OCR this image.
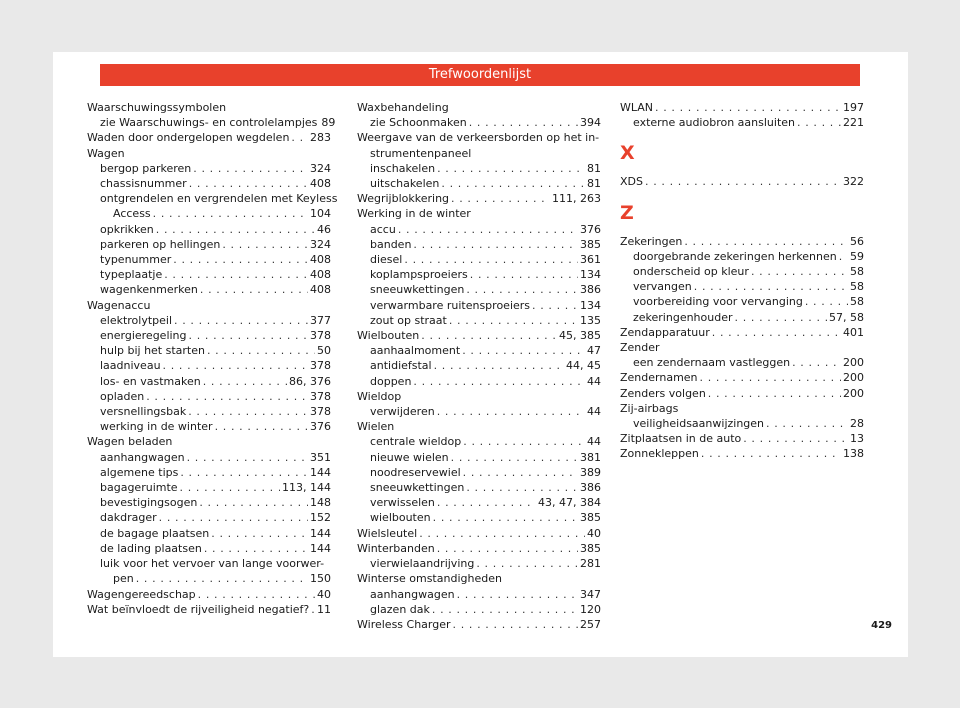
Trefwoordenlijst
Waarschuwingssymbolen
zie Waarschuwings- en controlelampjes 89
Waden door ondergelopen wegdelen . . . 283
Wagen
bergop parkeren . . .	324
chassisnummer . . .	408
ontgrendelen en vergrendelen met Keyless
Access . . .	104
opkrikken . . .	46
parkeren op hellingen . . .	324
typenummer . . .	408
typeplaatje . . .	408
wagenkenmerken . . .	408
Wagenaccu
elektrolytpeil . . .	377
energieregeling . . .	378
hulp bij het starten . . .	50
laadniveau . . .	378
los- en vastmaken . . .	86, 376
opladen . . .	378
versnellingsbak . . .	378
werking in de winter . . .	376
Wagen beladen
aanhangwagen . . .	351
algemene tips . . .	144
bagageruimte . . .	113, 144
bevestigingsogen . . .	148
dakdrager . . .	152
de bagage plaatsen . . .	144
de lading plaatsen . . .	144
luik voor het vervoer van lange voorwer-
pen . . .	150
Wagengereedschap . . .	40
Wat beïnvloedt de rijveiligheid negatief? . . . 11
Waxbehandeling
zie Schoonmaken . . .	394
Weergave van de verkeersborden op het in-
strumentenpaneel
inschakelen . . .	81
uitschakelen . . .	81
Wegrijblokkering . . .	111, 263
Werking in de winter
accu . . .	376
banden . . .	385
diesel . . .	361
koplampsproeiers . . .	134
sneeuwkettingen . . .	386
verwarmbare ruitensproeiers . . .	134
zout op straat . . .	135
Wielbouten . . .	45, 385
aanhaalmoment . . .	47
antidiefstal . . .	44, 45
doppen . . .	44
Wieldop
verwijderen . . .	44
Wielen
centrale wieldop . . .	44
nieuwe wielen . . .	381
noodreservewiel . . .	389
sneeuwkettingen . . .	386
verwisselen . . .	43, 47, 384
wielbouten . . .	385
Wielsleutel . . .	40
Winterbanden . . .	385
vierwielaandrijving . . .	281
Winterse omstandigheden
aanhangwagen . . .	347
glazen dak . . .	120
Wireless Charger . . .	257
WLAN . . .	197
externe audiobron aansluiten . . .	221
X
XDS . . .	322
Z
Zekeringen . . .	56
doorgebrande zekeringen herkennen . . . 59
onderscheid op kleur . . .	58
vervangen . . .	58
voorbereiding voor vervanging . . .	58
zekeringenhouder . . .	57, 58
Zendapparatuur . . .	401
Zender
een zendernaam vastleggen . . .	200
Zendernamen . . .	200
Zenders volgen . . .	200
Zij-airbags
veiligheidsaanwijzingen . . .	28
Zitplaatsen in de auto . . .	13
Zonnekleppen . . .	138
429
